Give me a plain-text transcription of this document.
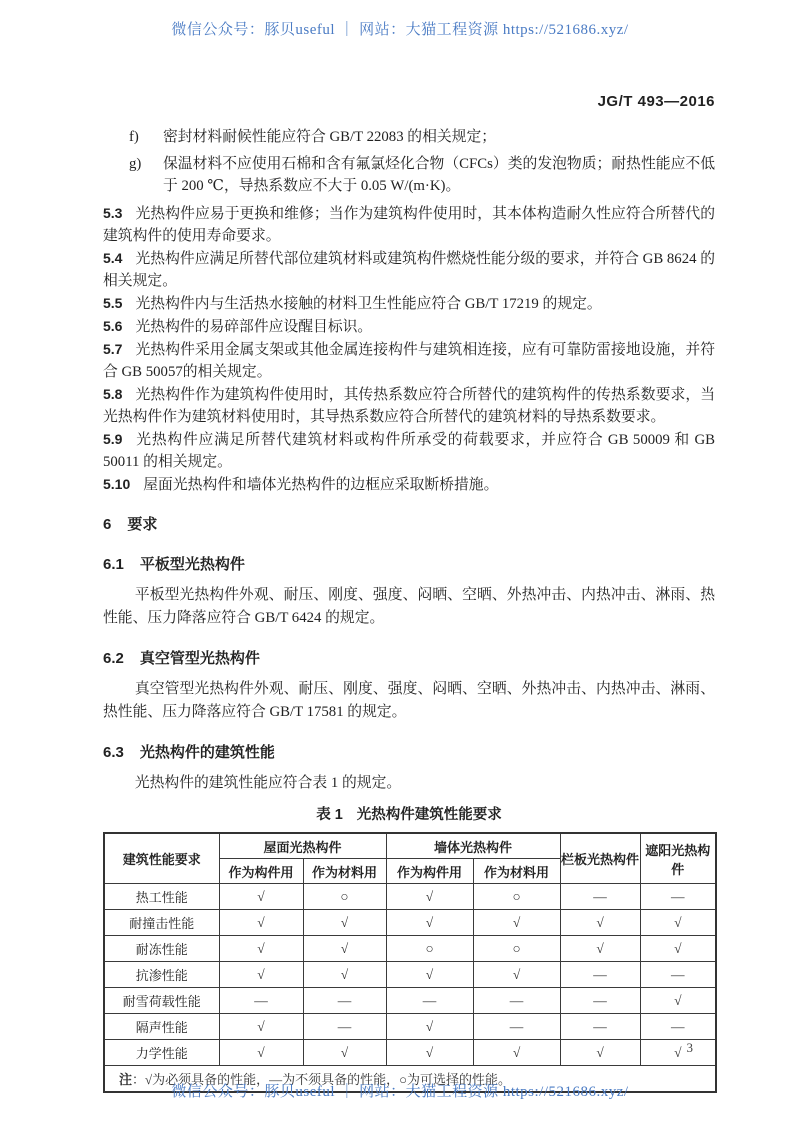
微信公众号：豚贝useful ｜ 网站：大猫工程资源 https://521686.xyz/
JG/T 493—2016
f)	密封材料耐候性能应符合 GB/T 22083 的相关规定；
g)	保温材料不应使用石棉和含有氟氯烃化合物（CFCs）类的发泡物质；耐热性能应不低于 200 ℃，导热系数应不大于 0.05 W/(m·K)。

5.3 光热构件应易于更换和维修；当作为建筑构件使用时，其本体构造耐久性应符合所替代的建筑构件的使用寿命要求。

5.4 光热构件应满足所替代部位建筑材料或建筑构件燃烧性能分级的要求，并符合 GB 8624 的相关规定。

5.5 光热构件内与生活热水接触的材料卫生性能应符合 GB/T 17219 的规定。

5.6 光热构件的易碎部件应设醒目标识。

5.7 光热构件采用金属支架或其他金属连接构件与建筑相连接，应有可靠防雷接地设施，并符合 GB 50057的相关规定。

5.8 光热构件作为建筑构件使用时，其传热系数应符合所替代的建筑构件的传热系数要求，当光热构件作为建筑材料使用时，其导热系数应符合所替代的建筑材料的导热系数要求。

5.9 光热构件应满足所替代建筑材料或构件所承受的荷载要求，并应符合 GB 50009 和 GB 50011 的相关规定。

5.10 屋面光热构件和墙体光热构件的边框应采取断桥措施。

6 要求

6.1 平板型光热构件

平板型光热构件外观、耐压、刚度、强度、闷晒、空晒、外热冲击、内热冲击、淋雨、热性能、压力降落应符合 GB/T 6424 的规定。

6.2 真空管型光热构件

真空管型光热构件外观、耐压、刚度、强度、闷晒、空晒、外热冲击、内热冲击、淋雨、热性能、压力降落应符合 GB/T 17581 的规定。

6.3 光热构件的建筑性能

光热构件的建筑性能应符合表 1 的规定。

表 1 光热构件建筑性能要求
建筑性能要求	屋面光热构件		墙体光热构件		栏板光热构件	遮阳光热构件
	作为构件用	作为材料用	作为构件用	作为材料用		
热工性能	√	○	√	○	—	—
耐撞击性能	√	√	√	√	√	√
耐冻性能	√	√	○	○	√	√
抗渗性能	√	√	√	√	—	—
耐雪荷载性能	—	—	—	—	—	√
隔声性能	√	—	√	—	—	—
力学性能	√	√	√	√	√	√
注：√为必须具备的性能，—为不须具备的性能，○为可选择的性能。						
3
微信公众号：豚贝useful ｜ 网站：大猫工程资源 https://521686.xyz/
